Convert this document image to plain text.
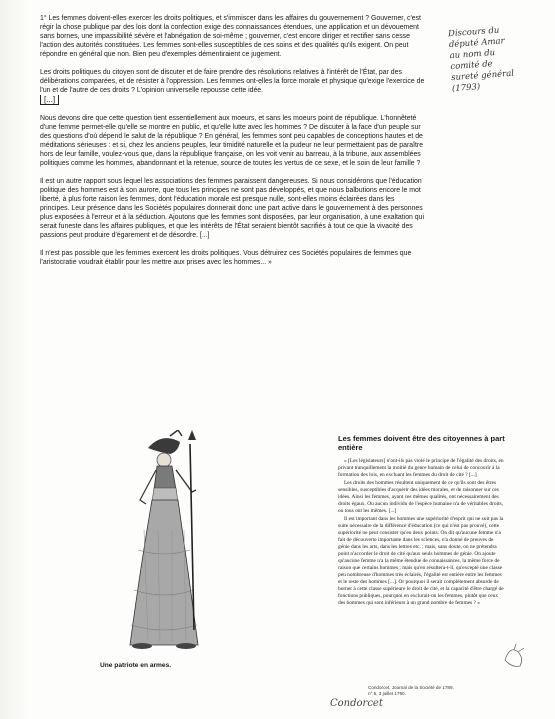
1° Les femmes doivent-elles exercer les droits politiques, et s'immiscer dans les affaires du gouvernement ? Gouverner, c'est régir la chose publique par des lois dont la confection exige des connaissances étendues, une application et un dévouement sans bornes, une impassibilité sévère et l'abnégation de soi-même ; gouverner, c'est encore diriger et rectifier sans cesse l'action des autorités constituées. Les femmes sont-elles susceptibles de ces soins et des qualités qu'ils exigent. On peut répondre en général que non. Bien peu d'exemples démentiraient ce jugement.

Les droits politiques du citoyen sont de discuter et de faire prendre des résolutions relatives à l'intérêt de l'État, par des délibérations comparées, et de résister à l'oppression. Les femmes ont-elles la force morale et physique qu'exige l'exercice de l'un et de l'autre de ces droits ? L'opinion universelle repousse cette idée.
[...]

Nous devons dire que cette question tient essentiellement aux moeurs, et sans les moeurs point de république. L'honnêteté d'une femme permet-elle qu'elle se montre en public, et qu'elle lutte avec les hommes ? De discuter à la face d'un peuple sur des questions d'où dépend le salut de la république ? En général, les femmes sont peu capables de conceptions hautes et de méditations sérieuses : et si, chez les anciens peuples, leur timidité naturelle et la pudeur ne leur permettaient pas de paraître hors de leur famille, voulez-vous que, dans la république française, on les voit venir au barreau, à la tribune, aux assemblées politiques comme les hommes, abandonnant et la retenue, source de toutes les vertus de ce sexe, et le soin de leur famille ?

Il est un autre rapport sous lequel les associations des femmes paraissent dangereuses. Si nous considérons que l'éducation politique des hommes est à son aurore, que tous les principes ne sont pas développés, et que nous balbutions encore le mot liberté, à plus forte raison les femmes, dont l'éducation morale est presque nulle, sont-elles moins éclairées dans les principes. Leur présence dans les Sociétés populaires donnerait donc une part active dans le gouvernement à des personnes plus exposées à l'erreur et à la séduction. Ajoutons que les femmes sont disposées, par leur organisation, à une exaltation qui serait funeste dans les affaires publiques, et que les intérêts de l'État seraient bientôt sacrifiés à tout ce que la vivacité des passions peut produire d'égarement et de désordre. [...]

Il n'est pas possible que les femmes exercent les droits politiques. Vous détruirez ces Sociétés populaires de femmes que l'aristocratie voudrait établir pour les mettre aux prises avec les hommes... »

Discours du
député Amar
au nom du
comité de
sureté général
(1793)
Une patriote en armes.
Les femmes doivent être des citoyennes à part entière

« [Les législateurs] n'ont-ils pas violé le principe de l'égalité des droits, en privant tranquillement la moitié du genre humain de celui de concourir à la formation des lois, en excluant les femmes du droit de cité ? [...]

Les droits des hommes résultent uniquement de ce qu'ils sont des êtres sensibles, susceptibles d'acquérir des idées morales, et de raisonner sur ces idées. Ainsi les femmes, ayant ces mêmes qualités, ont nécessairement des droits égaux. Ou aucun individu de l'espèce humaine n'a de véritables droits, ou tous ont les mêmes. [...]

Il est important dans les hommes une supériorité d'esprit qui ne soit pas la suite nécessaire de la différence d'éducation (ce qui n'est pas prouvé), cette supériorité ne peut consister qu'en deux points. On dit qu'aucune femme n'a fait de découverte importante dans les sciences, n'a donné de preuves de génie dans les arts, dans les lettres etc. ; mais, sans doute, on ne prétendra point n'accorder le droit de cité qu'aux seuls hommes de génie. On ajoute qu'aucune femme n'a la même étendue de connaissances, la même force de raison que certains hommes ; mais qu'en résultera-t-il, qu'excepté une classe peu nombreuse d'hommes très éclairés, l'égalité est entière entre les femmes et le reste des hommes [...]. Or pourquoi il serait complètement absurde de borner à cette classe supérieure le droit de cité, et la capacité d'être chargé de fonctions publiques, pourquoi en exclurait-on les femmes, plutôt que ceux des hommes qui sont inférieurs à un grand nombre de femmes ? »

Condorcet, Journal de la Société de 1789,
n° 5, 3 juillet 1790.
Condorcet
